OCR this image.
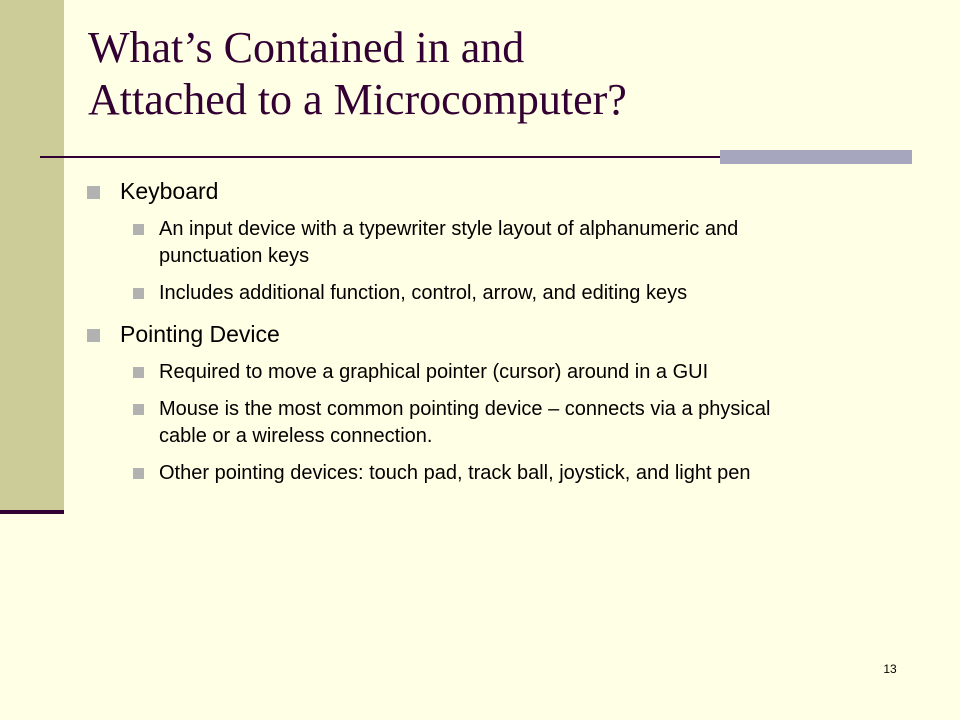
What’s Contained in and
Attached to a Microcomputer?
Keyboard
An input device with a typewriter style layout of alphanumeric and punctuation keys
Includes additional function, control, arrow, and editing keys
Pointing Device
Required to move a graphical pointer (cursor) around in a GUI
Mouse is the most common pointing device – connects via a physical cable or a wireless connection.
Other pointing devices: touch pad, track ball, joystick, and light pen
13
